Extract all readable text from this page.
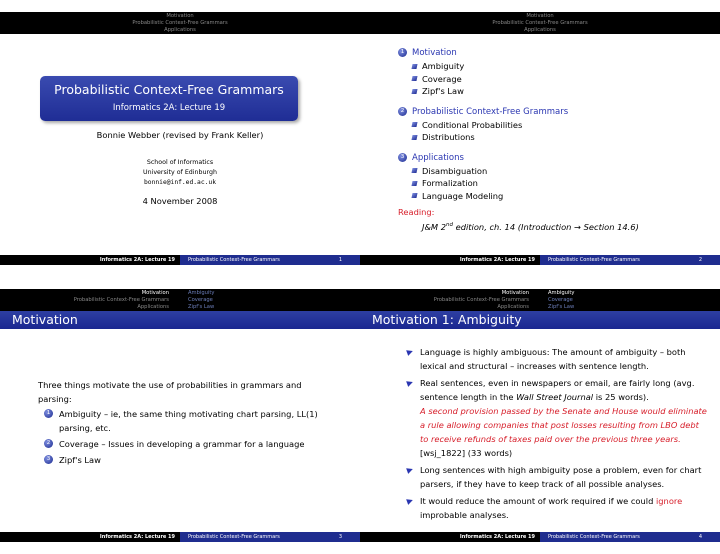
Motivation
Probabilistic Context-Free Grammars
Applications
Probabilistic Context-Free Grammars
Informatics 2A: Lecture 19
Bonnie Webber (revised by Frank Keller)
School of Informatics
University of Edinburgh
bonnie@inf.ed.ac.uk
4 November 2008
Informatics 2A: Lecture 19	Probabilistic Context-Free Grammars	1
Motivation
Probabilistic Context-Free Grammars
Applications
1 Motivation
Ambiguity
Coverage
Zipf's Law
2 Probabilistic Context-Free Grammars
Conditional Probabilities
Distributions
3 Applications
Disambiguation
Formalization
Language Modeling
Reading:
J&M 2nd edition, ch. 14 (Introduction → Section 14.6)
Informatics 2A: Lecture 19	Probabilistic Context-Free Grammars	2
Motivation
Probabilistic Context-Free Grammars
Applications
Ambiguity
Coverage
Zipf's Law
Motivation
Three things motivate the use of probabilities in grammars and parsing:
1	Ambiguity – ie, the same thing motivating chart parsing, LL(1) parsing, etc.
2	Coverage – Issues in developing a grammar for a language
3	Zipf's Law
Informatics 2A: Lecture 19	Probabilistic Context-Free Grammars	3
Motivation
Probabilistic Context-Free Grammars
Applications
Ambiguity
Coverage
Zipf's Law
Motivation 1: Ambiguity
Language is highly ambiguous: The amount of ambiguity – both lexical and structural – increases with sentence length.
Real sentences, even in newspapers or email, are fairly long (avg. sentence length in the Wall Street Journal is 25 words).
A second provision passed by the Senate and House would eliminate a rule allowing companies that post losses resulting from LBO debt to receive refunds of taxes paid over the previous three years. [wsj_1822] (33 words)
Long sentences with high ambiguity pose a problem, even for chart parsers, if they have to keep track of all possible analyses.
It would reduce the amount of work required if we could ignore improbable analyses.
Informatics 2A: Lecture 19	Probabilistic Context-Free Grammars	4
